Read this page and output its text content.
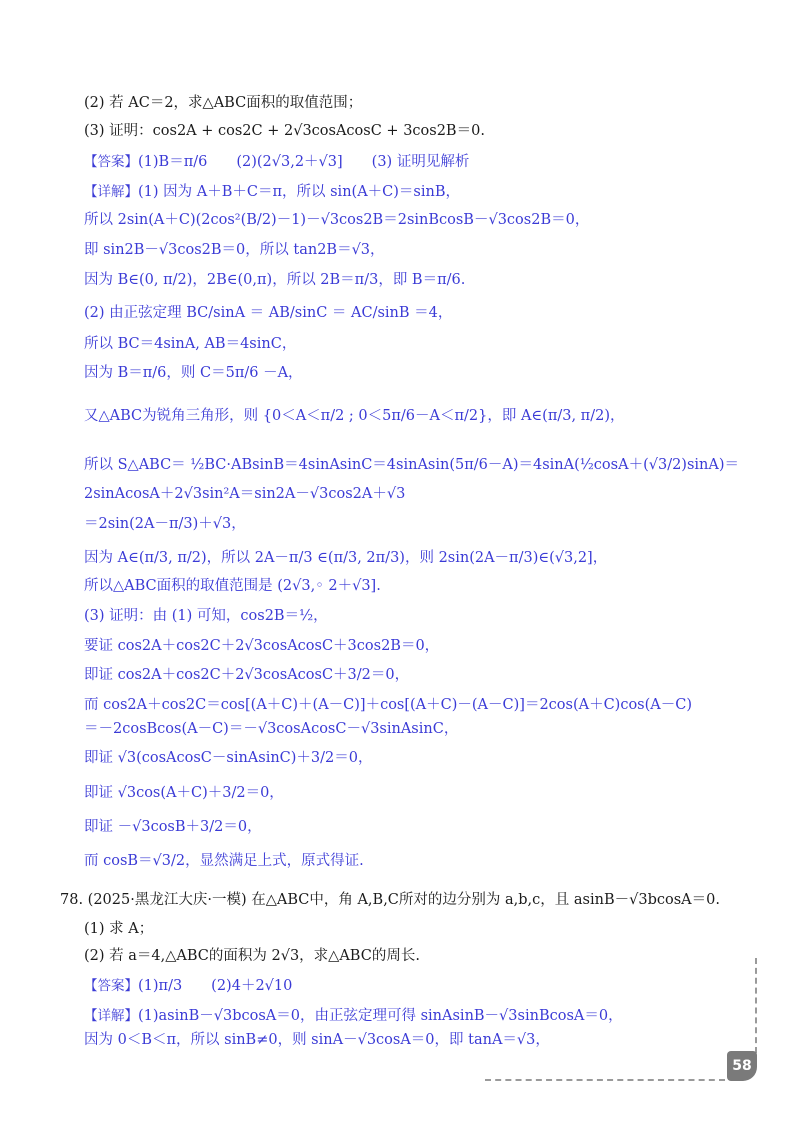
(2) 若 AC＝2，求△ABC面积的取值范围；
(3) 证明：cos2A + cos2C + 2√3cosAcosC + 3cos2B＝0.
【答案】(1)B＝π/6　　(2)(2√3,2＋√3]　　(3) 证明见解析
【详解】(1) 因为 A＋B＋C＝π，所以 sin(A＋C)＝sinB，
所以 2sin(A＋C)(2cos²(B/2)－1)－√3cos2B＝2sinBcosB－√3cos2B＝0，
即 sin2B－√3cos2B＝0，所以 tan2B＝√3，
因为 B∈(0, π/2)，2B∈(0,π)，所以 2B＝π/3，即 B＝π/6.
(2) 由正弦定理 BC/sinA ＝ AB/sinC ＝ AC/sinB ＝4，
所以 BC＝4sinA, AB＝4sinC，
因为 B＝π/6，则 C＝5π/6 －A，
又△ABC为锐角三角形，则 {0＜A＜π/2 ; 0＜5π/6－A＜π/2}，即 A∈(π/3, π/2)，
所以 S△ABC＝ ½BC·ABsinB＝4sinAsinC＝4sinAsin(5π/6－A)＝4sinA(½cosA＋(√3/2)sinA)＝
2sinAcosA＋2√3sin²A＝sin2A－√3cos2A＋√3
＝2sin(2A－π/3)＋√3，
因为 A∈(π/3, π/2)，所以 2A－π/3 ∈(π/3, 2π/3)，则 2sin(2A－π/3)∈(√3,2]，
所以△ABC面积的取值范围是 (2√3,◦ 2＋√3].
(3) 证明：由 (1) 可知，cos2B＝½，
要证 cos2A＋cos2C＋2√3cosAcosC＋3cos2B＝0，
即证 cos2A＋cos2C＋2√3cosAcosC＋3/2＝0，
而 cos2A＋cos2C＝cos[(A＋C)＋(A－C)]＋cos[(A＋C)－(A－C)]＝2cos(A＋C)cos(A－C)
＝－2cosBcos(A－C)＝－√3cosAcosC－√3sinAsinC，
即证 √3(cosAcosC－sinAsinC)＋3/2＝0，
即证 √3cos(A＋C)＋3/2＝0，
即证 －√3cosB＋3/2＝0，
而 cosB＝√3/2，显然满足上式，原式得证.
78. (2025·黑龙江大庆·一模) 在△ABC中，角 A,B,C所对的边分别为 a,b,c，且 asinB－√3bcosA＝0.
(1) 求 A；
(2) 若 a＝4,△ABC的面积为 2√3，求△ABC的周长.
【答案】(1)π/3　　(2)4＋2√10
【详解】(1)asinB－√3bcosA＝0，由正弦定理可得 sinAsinB－√3sinBcosA＝0，
因为 0＜B＜π，所以 sinB≠0，则 sinA－√3cosA＝0，即 tanA＝√3，
58
